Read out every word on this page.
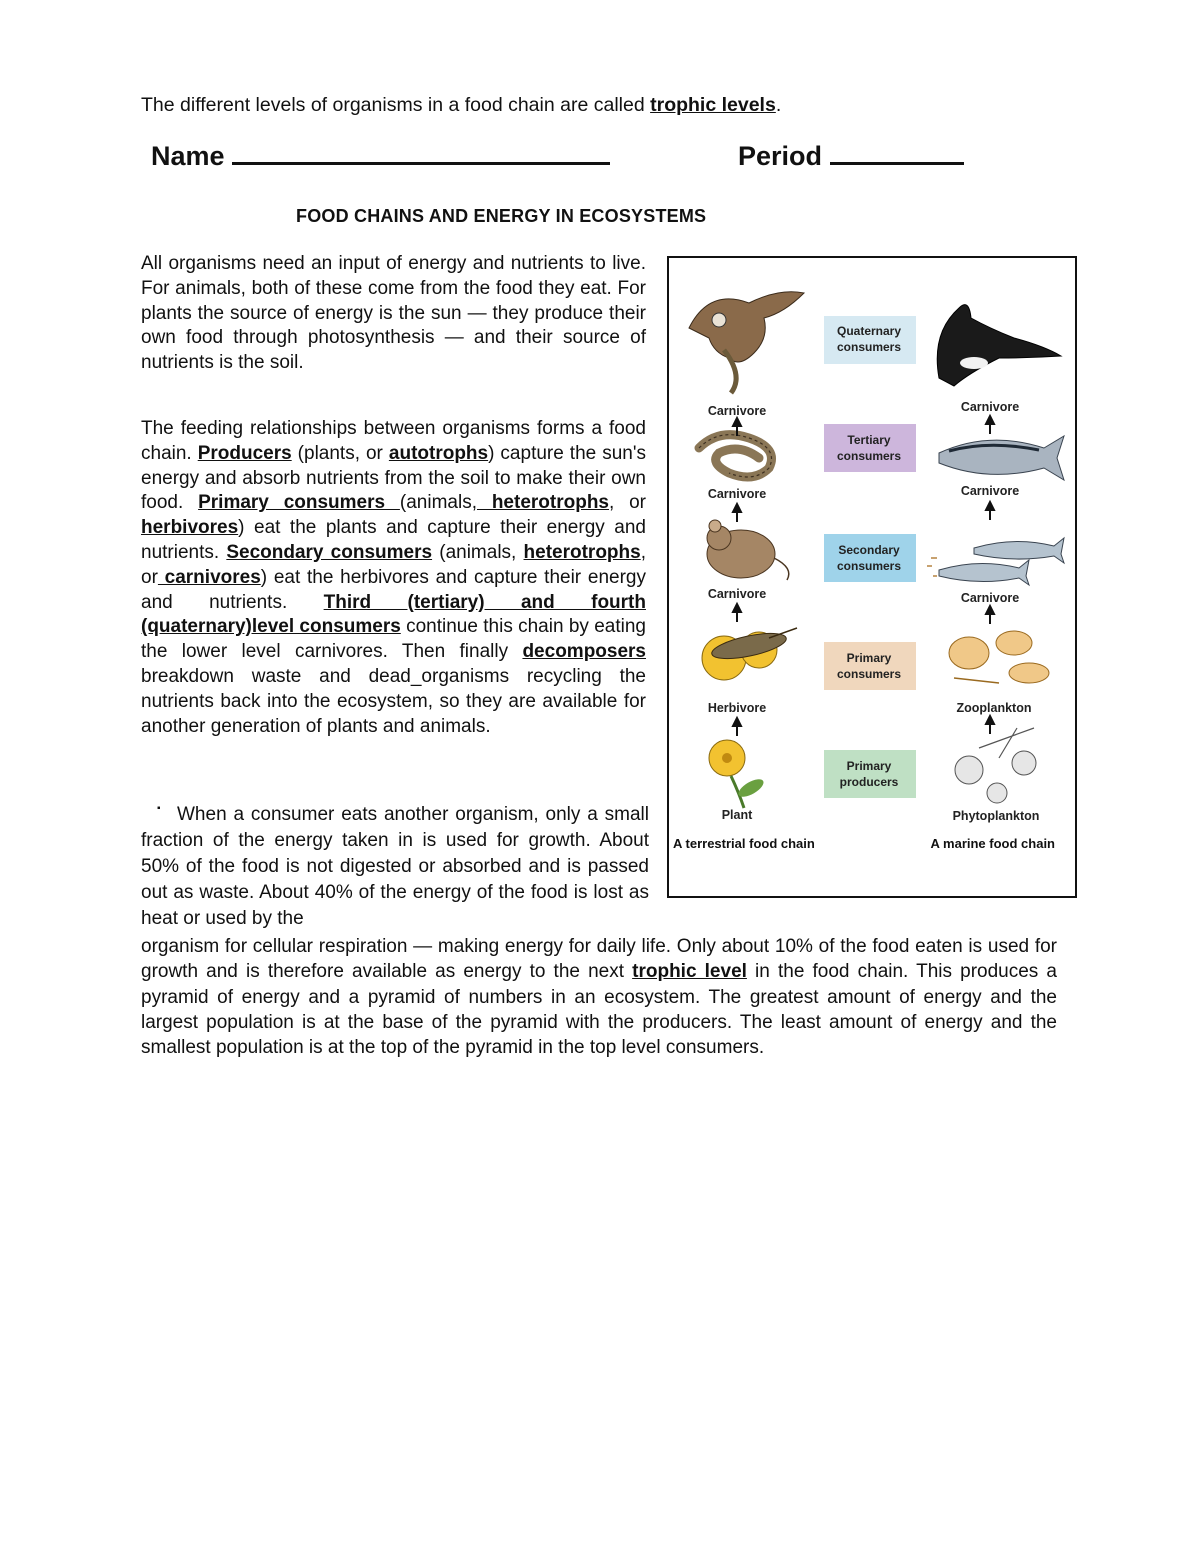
The different levels of organisms in a food chain are called trophic levels.
Name	Period
FOOD CHAINS AND ENERGY IN ECOSYSTEMS

All organisms need an input of energy and nutrients to live. For animals, both of these come from the food they eat. For plants the source of energy is the sun — they produce their own food through photosynthesis — and their source of nutrients is the soil.

The feeding relationships between organisms forms a food chain. Producers (plants, or autotrophs) capture the sun's energy and absorb nutrients from the soil to make their own food. Primary consumers (animals, heterotrophs, or herbivores) eat the plants and capture their energy and nutrients. Secondary consumers (animals, heterotrophs, or carnivores) eat the herbivores and capture their energy and nutrients. Third (tertiary) and fourth (quaternary)level consumers continue this chain by eating the lower level carnivores. Then finally decomposers breakdown waste and dead_organisms recycling the nutrients back into the ecosystem, so they are available for another generation of plants and animals.

▪ When a consumer eats another organism, only a small fraction of the energy taken in is used for growth. About 50% of the food is not digested or absorbed and is passed out as waste. About 40% of the energy of the food is lost as heat or used by the

organism for cellular respiration — making energy for daily life. Only about 10% of the food eaten is used for growth and is therefore available as energy to the next trophic level in the food chain. This produces a pyramid of energy and a pyramid of numbers in an ecosystem. The greatest amount of energy and the largest population is at the base of the pyramid with the producers. The least amount of energy and the smallest population is at the top of the pyramid in the top level consumers.
Quaternary
consumers
Tertiary
consumers
Secondary
consumers
Primary
consumers
Primary
producers
Carnivore
Carnivore
Carnivore
Herbivore
Plant
Carnivore
Carnivore
Carnivore
Zooplankton
Phytoplankton
A terrestrial food chain	A marine food chain
